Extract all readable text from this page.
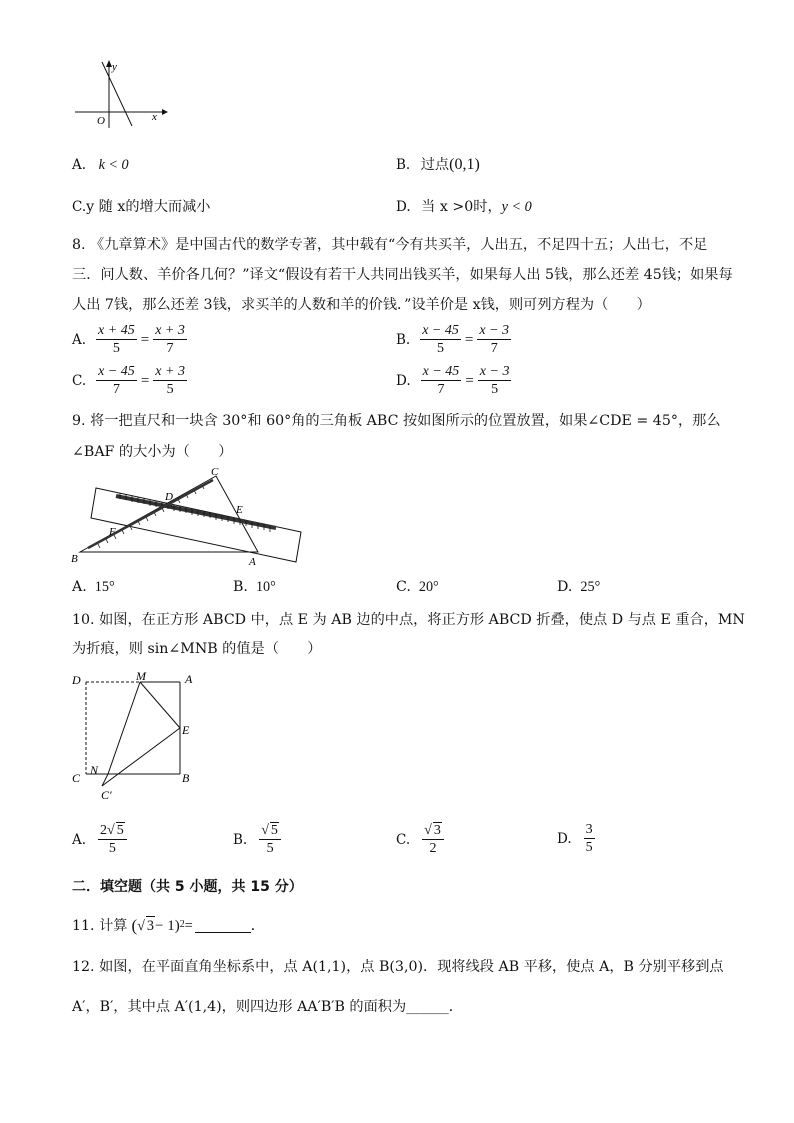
y
O	x
A. k < 0	B. 过点(0,1)
C.y 随 x的增大而减小	D. 当 x >0时，y < 0
8. 《九章算术》是中国古代的数学专著，其中载有“今有共买羊，人出五，不足四十五；人出七，不足
三．问人数、羊价各几何？”译文“假设有若干人共同出钱买羊，如果每人出 5钱，那么还差 45钱；如果每
人出 7钱，那么还差 3钱，求买羊的人数和羊的价钱．”设羊价是 x钱，则可列方程为（　　）
A. $\frac{x + 45}{5} = \frac{x + 3}{7}$	B. $\frac{x - 45}{5} = \frac{x - 3}{7}$
C. $\frac{x - 45}{7} = \frac{x + 3}{5}$	D. $\frac{x - 45}{7} = \frac{x - 3}{5}$
9. 将一把直尺和一块含 30°和 60°角的三角板 ABC 按如图所示的位置放置，如果∠CDE = 45°，那么
∠BAF 的大小为（　　）
C
D
E
F
B	A
A. 15°	B. 10°	C. 20°	D. 25°
10. 如图，在正方形 ABCD 中，点 E 为 AB 边的中点，将正方形 ABCD 折叠，使点 D 与点 E 重合，MN
为折痕，则 sin∠MNB 的值是（　　）
D	M	A
E
C
N
B
C′
A. $\frac{2√ 5}{5}$	B. $\frac{√ 5}{5}$	C. $\frac{√ 3}{2}$	D. $\frac{3}{5}$
二．填空题（共 5 小题，共 15 分）
11. 计算 ( √ 3 − 1) 2 =	．
12. 如图，在平面直角坐标系中，点 A(1,1)，点 B(3,0)．现将线段 AB 平移，使点 A，B 分别平移到点
A′，B′，其中点 A′(1,4)，则四边形 AA′B′B 的面积为______．
